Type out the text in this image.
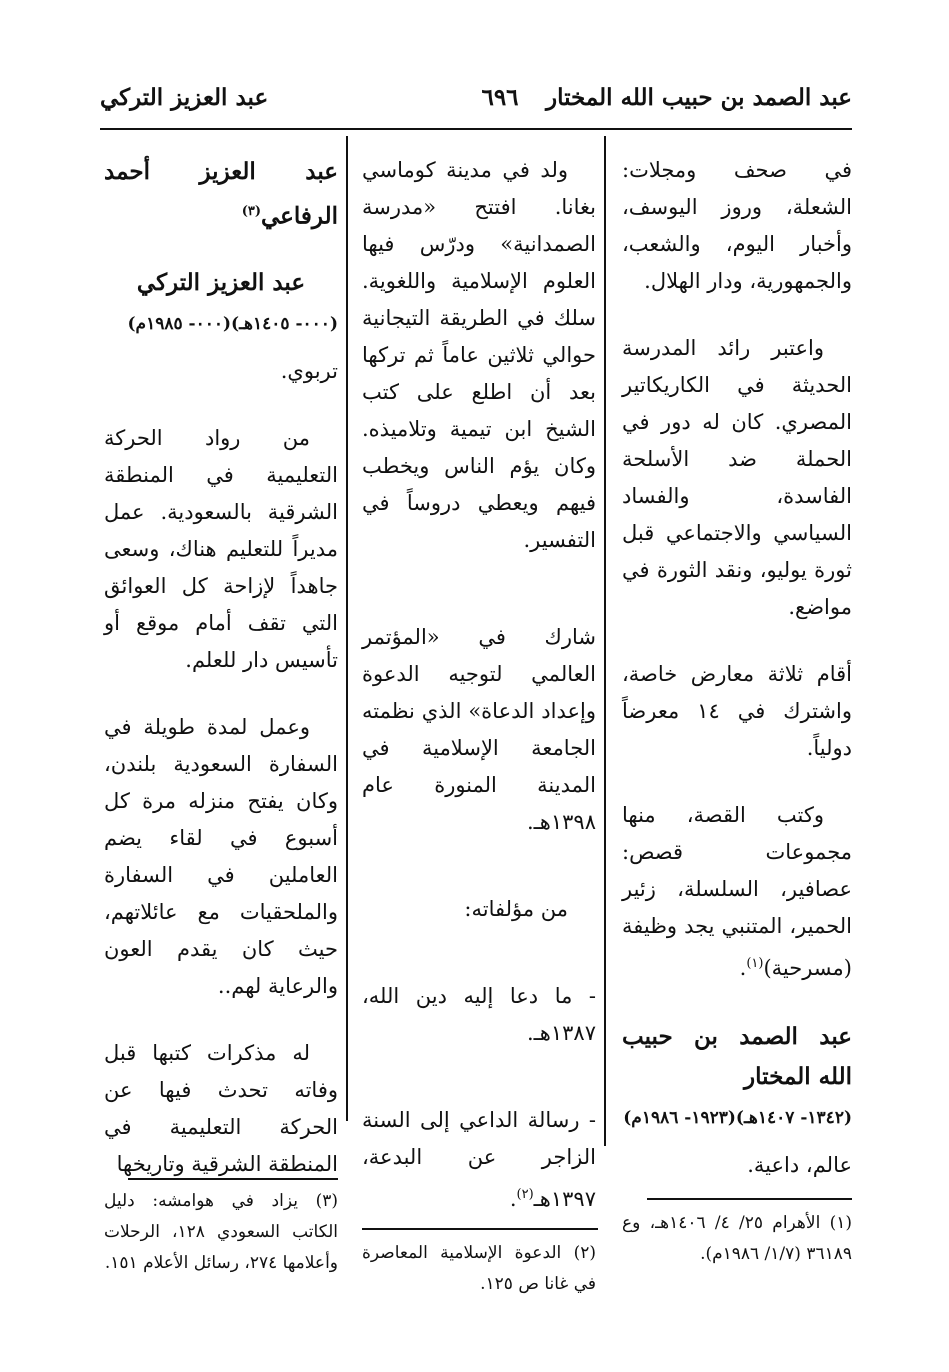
عبد الصمد بن حبيب الله المختار
٦٩٦
عبد العزيز التركي

في صحف ومجلات: الشعلة، وروز اليوسف، وأخبار اليوم، والشعب، والجمهورية، ودار الهلال.

واعتبر رائد المدرسة الحديثة في الكاريكاتير المصري. كان له دور في الحملة ضد الأسلحة الفاسدة، والفساد السياسي والاجتماعي قبل ثورة يوليو، ونقد الثورة في مواضع.

أقام ثلاثة معارض خاصة، واشترك في ١٤ معرضاً دولياً.

وكتب القصة، منها مجموعات قصص: عصافير، السلسلة، زئير الحمير، المتنبي يجد وظيفة (مسرحية)$^{(١)}$.

عبد الصمد بن حبيب الله المختار
(١٣٤٢- ١٤٠٧هـ)(١٩٢٣- ١٩٨٦م)
عالم، داعية.
(١) الأهرام ٢٥/ ٤/ ١٤٠٦هـ، وع ٣٦١٨٩ (١/٧/ ١٩٨٦م).

ولد في مدينة كوماسي بغانا. افتتح «مدرسة الصمدانية» ودرّس فيها العلوم الإسلامية واللغوية. سلك في الطريقة التيجانية حوالي ثلاثين عاماً ثم تركها بعد أن اطلع على كتب الشيخ ابن تيمية وتلاميذه. وكان يؤم الناس ويخطب فيهم ويعطي دروساً في التفسير.

شارك في «المؤتمر العالمي لتوجيه الدعوة وإعداد الدعاة» الذي نظمته الجامعة الإسلامية في المدينة المنورة عام ١٣٩٨هـ.

من مؤلفاته:

- ما دعا إليه دين الله، ١٣٨٧هـ.

- رسالة الداعي إلى السنة الزاجر عن البدعة، ١٣٩٧هـ$^{(٢)}$.

(٢) الدعوة الإسلامية المعاصرة في غانا ص ١٢٥.
عبد العزيز أحمد الرفاعي$^{(٣)}$
عبد العزيز التركي
(٠٠٠- ١٤٠٥هـ)(٠٠٠- ١٩٨٥م)
تربوي.

من رواد الحركة التعليمية في المنطقة الشرقية بالسعودية. عمل مديراً للتعليم هناك، وسعى جاهداً لإزاحة كل العوائق التي تقف أمام موقع أو تأسيس دار للعلم.

وعمل لمدة طويلة في السفارة السعودية بلندن، وكان يفتح منزله مرة كل أسبوع في لقاء يضم العاملين في السفارة والملحقيات مع عائلاتهم، حيث كان يقدم العون والرعاية لهم..

له مذكرات كتبها قبل وفاته تحدث فيها عن الحركة التعليمية في المنطقة الشرقية وتاريخها

(٣) يزاد في هوامشه: دليل الكاتب السعودي ١٢٨، الرحلات وأعلامها ٢٧٤، رسائل الأعلام ١٥١.
